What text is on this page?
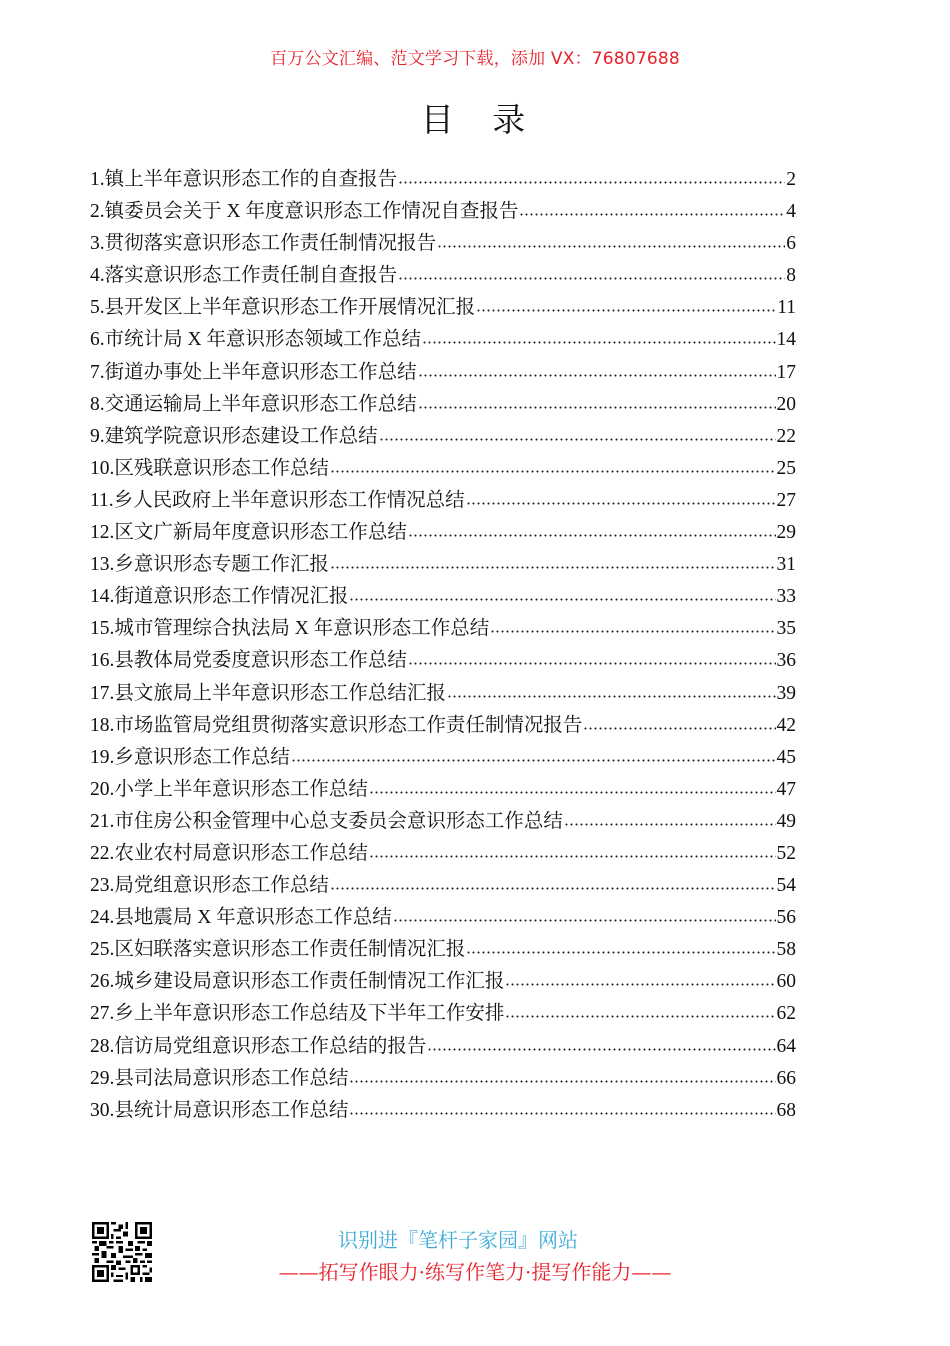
百万公文汇编、范文学习下载，添加 VX：76807688
目 录
1. 镇上半年意识形态工作的自查报告	2
2. 镇委员会关于 X 年度意识形态工作情况自查报告	4
3. 贯彻落实意识形态工作责任制情况报告	6
4. 落实意识形态工作责任制自查报告	8
5. 县开发区上半年意识形态工作开展情况汇报	11
6. 市统计局 X 年意识形态领域工作总结	14
7. 街道办事处上半年意识形态工作总结	17
8. 交通运输局上半年意识形态工作总结	20
9. 建筑学院意识形态建设工作总结	22
10. 区残联意识形态工作总结	25
11. 乡人民政府上半年意识形态工作情况总结	27
12. 区文广新局年度意识形态工作总结	29
13. 乡意识形态专题工作汇报	31
14. 街道意识形态工作情况汇报	33
15. 城市管理综合执法局 X 年意识形态工作总结	35
16. 县教体局党委度意识形态工作总结	36
17. 县文旅局上半年意识形态工作总结汇报	39
18. 市场监管局党组贯彻落实意识形态工作责任制情况报告	42
19. 乡意识形态工作总结	45
20. 小学上半年意识形态工作总结	47
21. 市住房公积金管理中心总支委员会意识形态工作总结	49
22. 农业农村局意识形态工作总结	52
23. 局党组意识形态工作总结	54
24. 县地震局 X 年意识形态工作总结	56
25. 区妇联落实意识形态工作责任制情况汇报	58
26. 城乡建设局意识形态工作责任制情况工作汇报	60
27. 乡上半年意识形态工作总结及下半年工作安排	62
28. 信访局党组意识形态工作总结的报告	64
29. 县司法局意识形态工作总结	66
30. 县统计局意识形态工作总结	68
识别进『笔杆子家园』网站
——拓写作眼力·练写作笔力·提写作能力——
